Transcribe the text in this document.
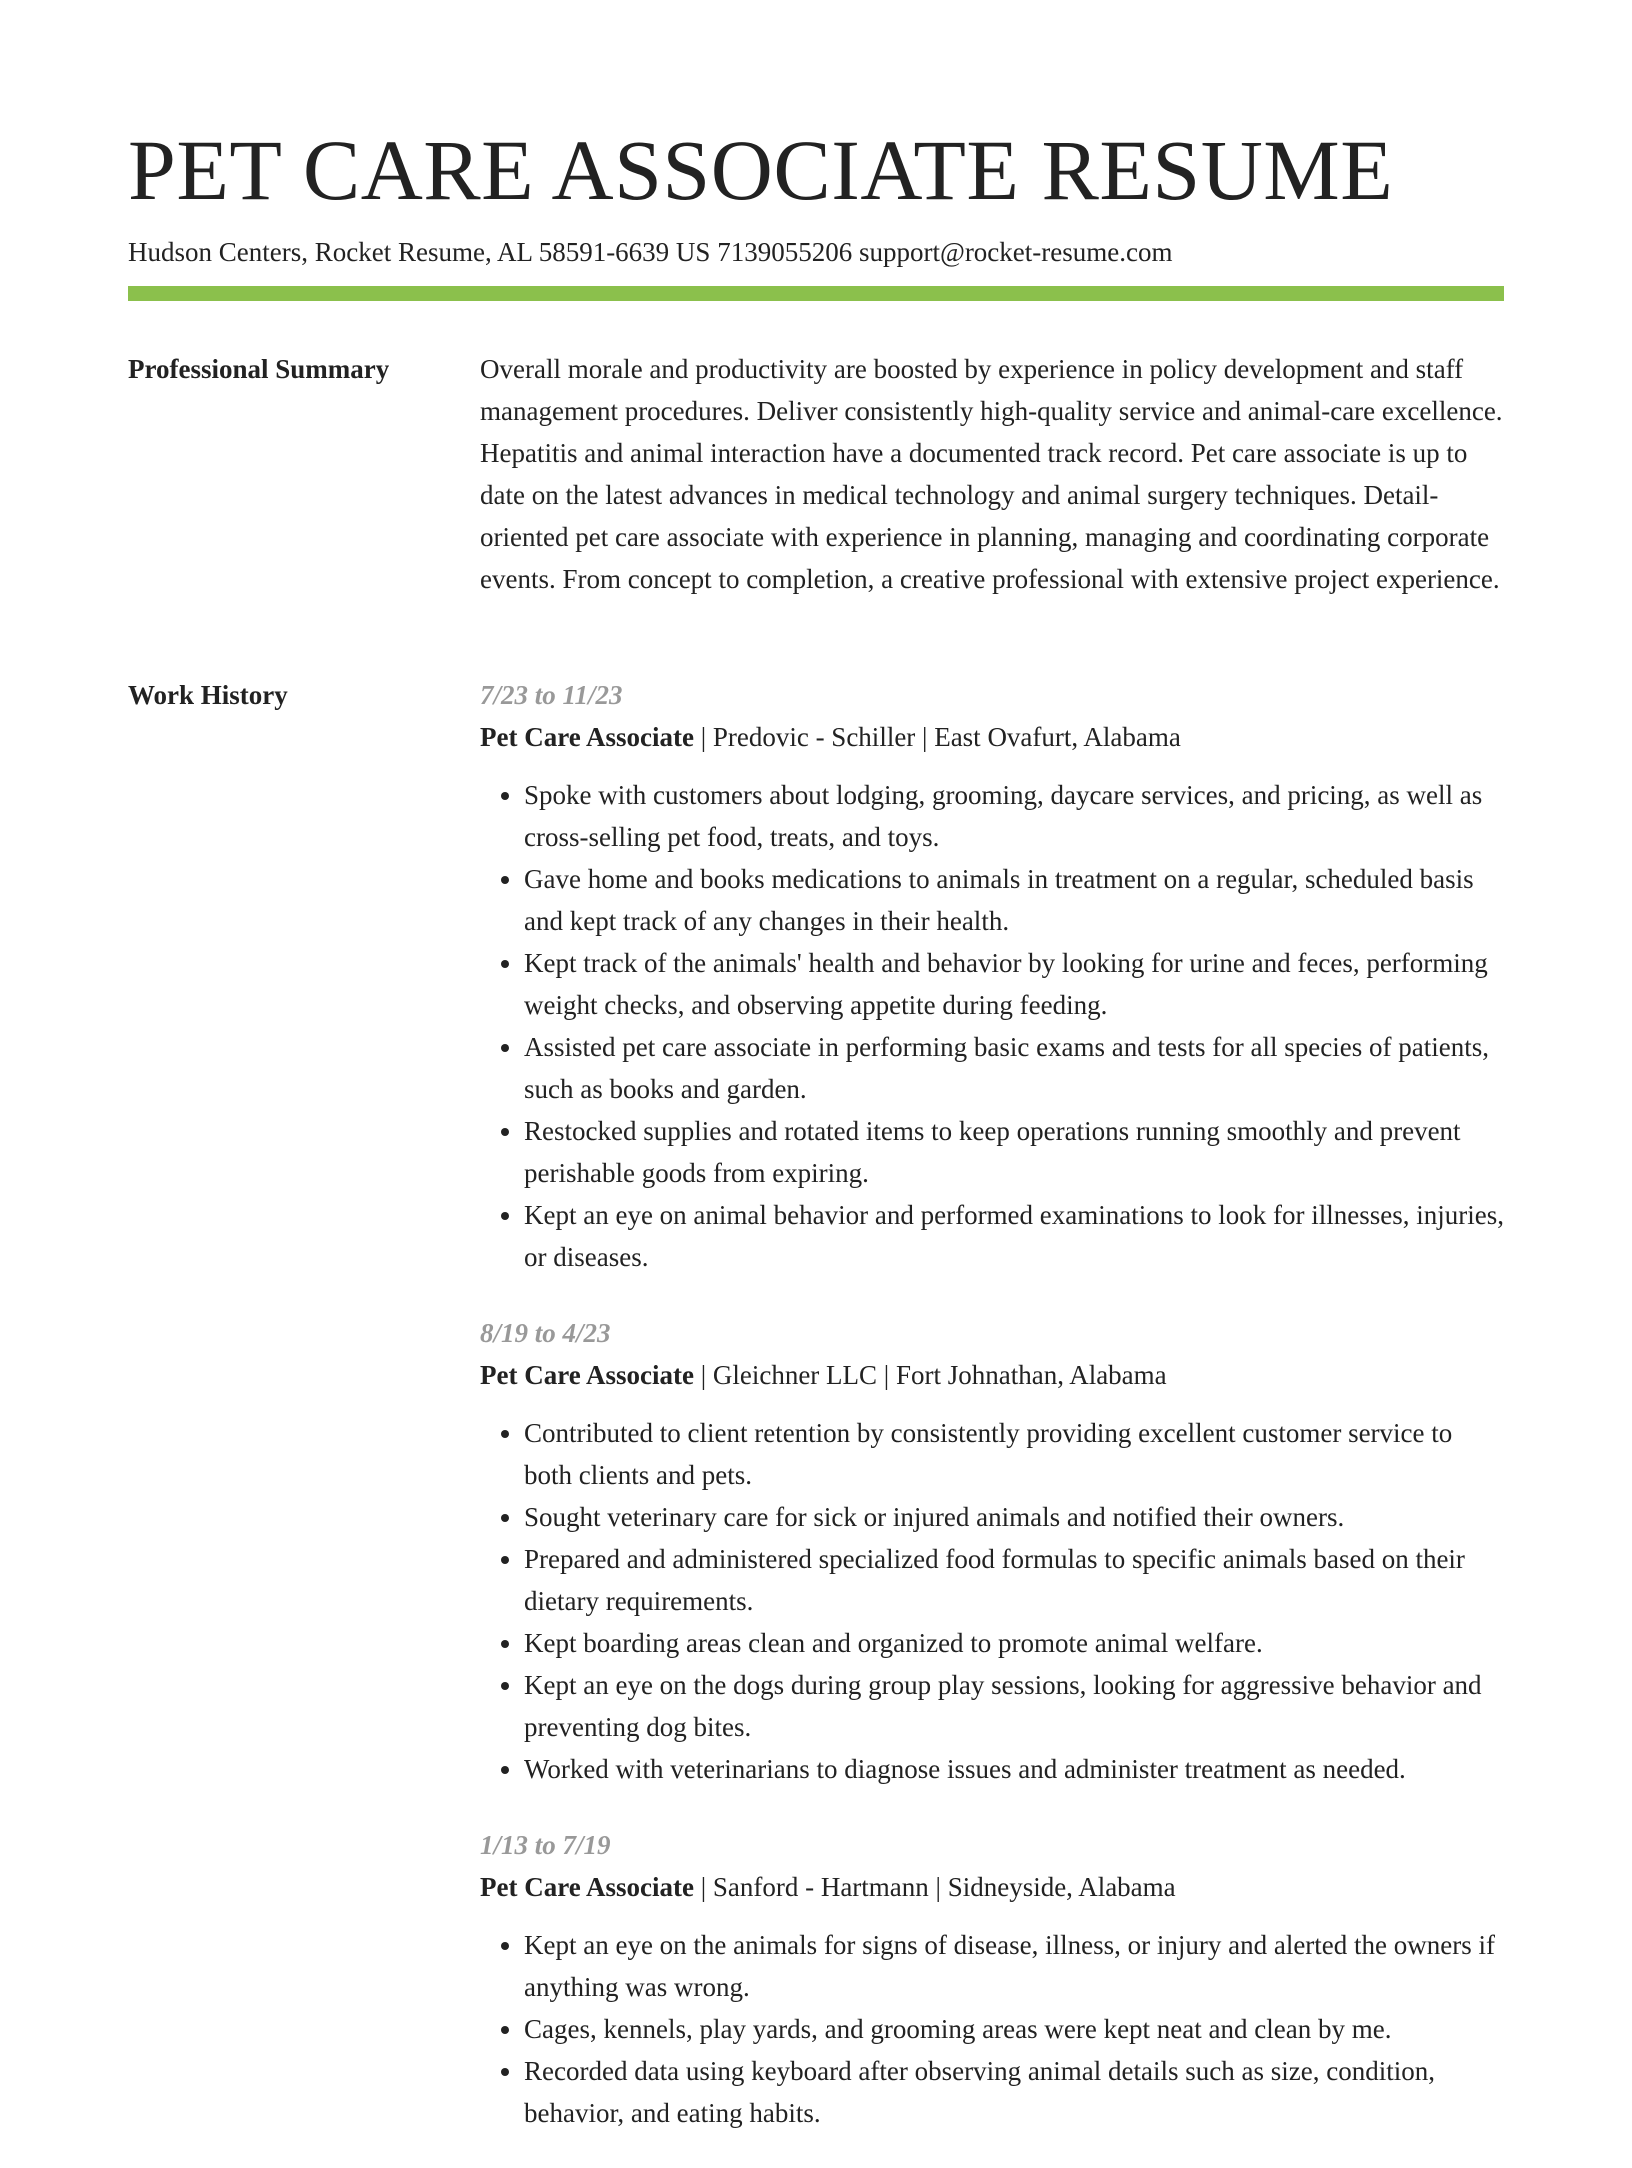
PET CARE ASSOCIATE RESUME
Hudson Centers, Rocket Resume, AL 58591-6639 US 7139055206 support@rocket-resume.com
Professional Summary	Overall morale and productivity are boosted by experience in policy development and staff management procedures. Deliver consistently high-quality service and animal-care excellence. Hepatitis and animal interaction have a documented track record. Pet care associate is up to date on the latest advances in medical technology and animal surgery techniques. Detail-oriented pet care associate with experience in planning, managing and coordinating corporate events. From concept to completion, a creative professional with extensive project experience.

Work History	7/23 to 11/23
Pet Care Associate | Predovic - Schiller | East Ovafurt, Alabama
• Spoke with customers about lodging, grooming, daycare services, and pricing, as well as cross-selling pet food, treats, and toys.
• Gave home and books medications to animals in treatment on a regular, scheduled basis and kept track of any changes in their health.
• Kept track of the animals' health and behavior by looking for urine and feces, performing weight checks, and observing appetite during feeding.
• Assisted pet care associate in performing basic exams and tests for all species of patients, such as books and garden.
• Restocked supplies and rotated items to keep operations running smoothly and prevent perishable goods from expiring.
• Kept an eye on animal behavior and performed examinations to look for illnesses, injuries, or diseases.
8/19 to 4/23
Pet Care Associate | Gleichner LLC | Fort Johnathan, Alabama
• Contributed to client retention by consistently providing excellent customer service to both clients and pets.
• Sought veterinary care for sick or injured animals and notified their owners.
• Prepared and administered specialized food formulas to specific animals based on their dietary requirements.
• Kept boarding areas clean and organized to promote animal welfare.
• Kept an eye on the dogs during group play sessions, looking for aggressive behavior and preventing dog bites.
• Worked with veterinarians to diagnose issues and administer treatment as needed.
1/13 to 7/19
Pet Care Associate | Sanford - Hartmann | Sidneyside, Alabama
• Kept an eye on the animals for signs of disease, illness, or injury and alerted the owners if anything was wrong.
• Cages, kennels, play yards, and grooming areas were kept neat and clean by me.
• Recorded data using keyboard after observing animal details such as size, condition, behavior, and eating habits.
